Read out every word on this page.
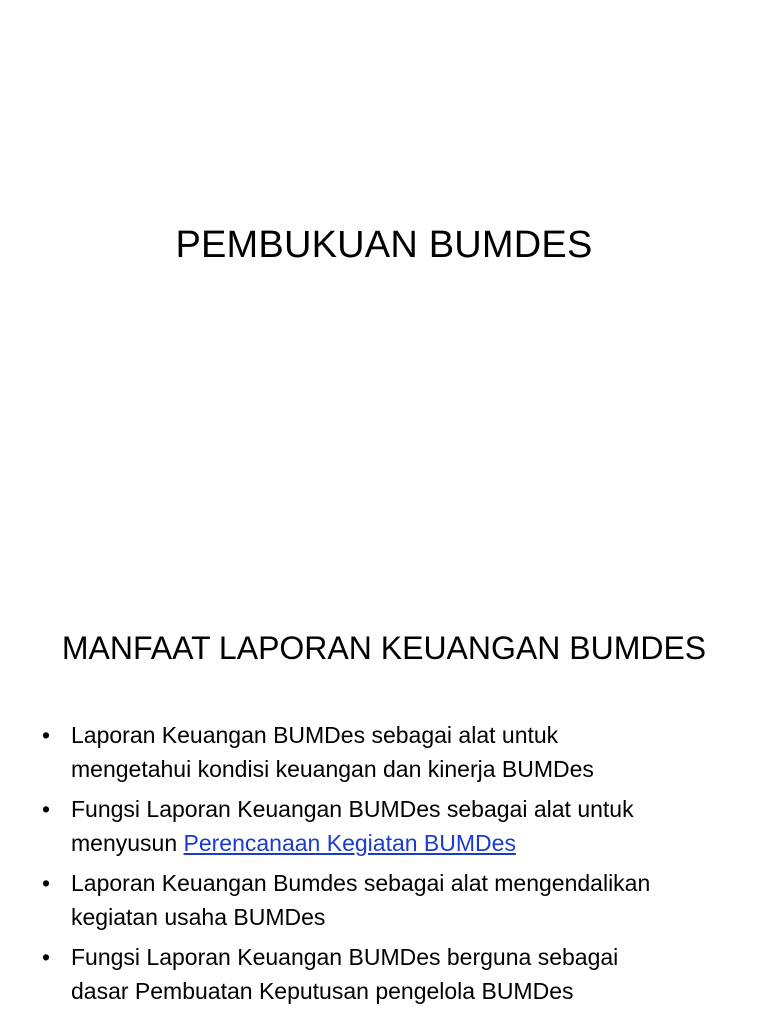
PEMBUKUAN BUMDES
MANFAAT LAPORAN KEUANGAN BUMDES
• Laporan Keuangan BUMDes sebagai alat untuk
mengetahui kondisi keuangan dan kinerja BUMDes
• Fungsi Laporan Keuangan BUMDes sebagai alat untuk
menyusun Perencanaan Kegiatan BUMDes
• Laporan Keuangan Bumdes sebagai alat mengendalikan
kegiatan usaha BUMDes
• Fungsi Laporan Keuangan BUMDes berguna sebagai
dasar Pembuatan Keputusan pengelola BUMDes
